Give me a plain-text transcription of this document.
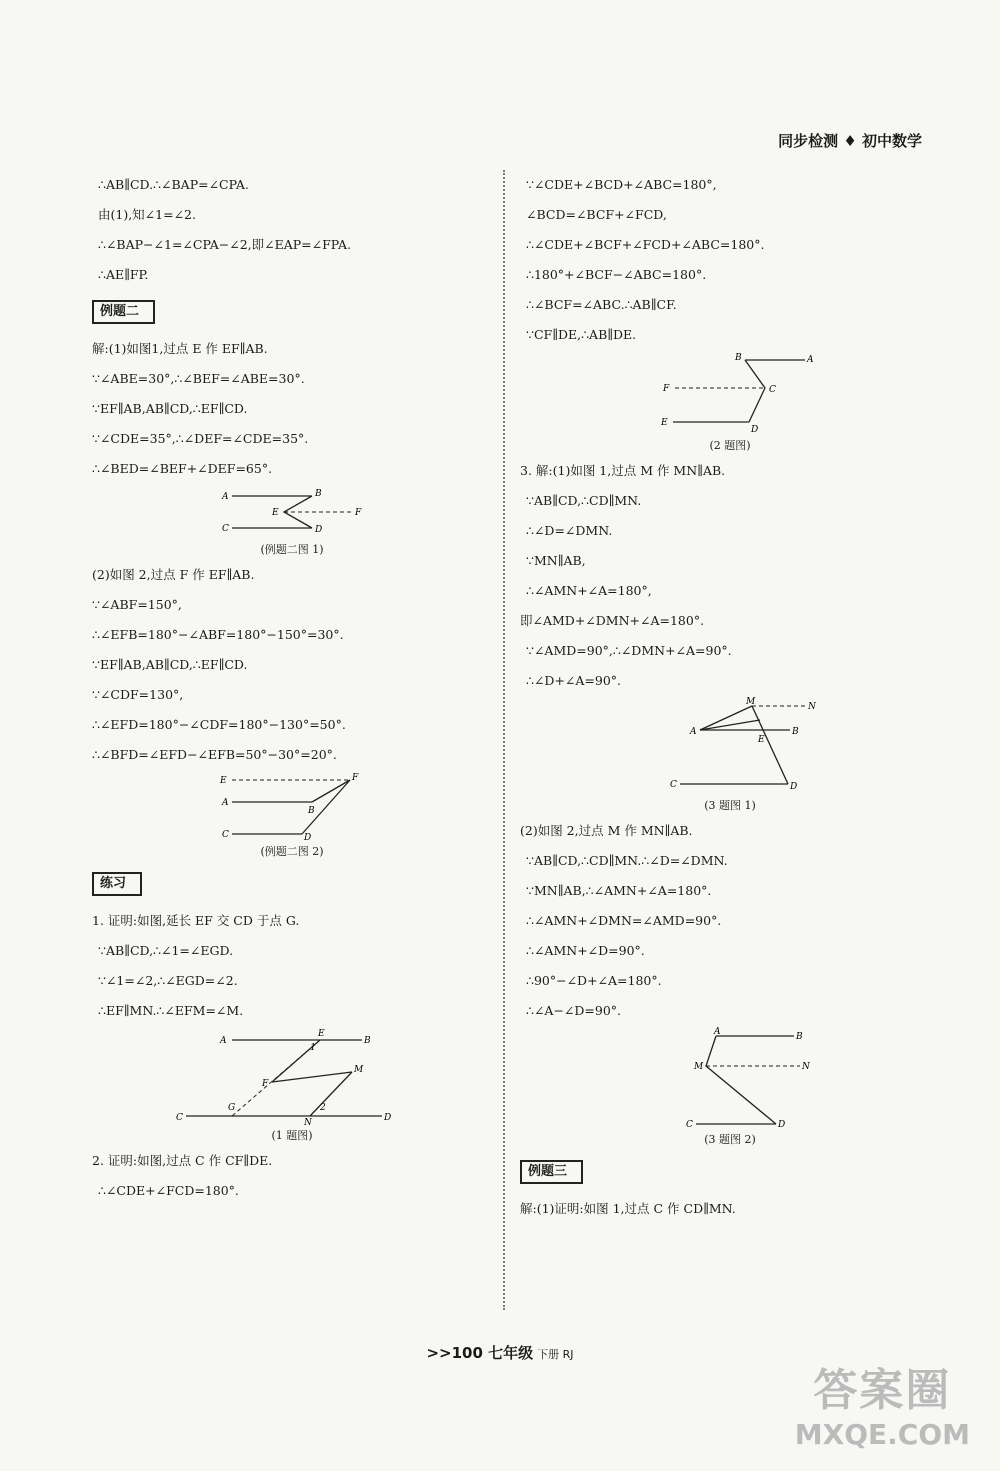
同步检测 ♦ 初中数学
∴AB∥CD.∴∠BAP=∠CPA.
由(1),知∠1=∠2.
∴∠BAP−∠1=∠CPA−∠2,即∠EAP=∠FPA.
∴AE∥FP.
例题二
解:(1)如图1,过点 E 作 EF∥AB.
∵∠ABE=30°,∴∠BEF=∠ABE=30°.
∵EF∥AB,AB∥CD,∴EF∥CD.
∵∠CDE=35°,∴∠DEF=∠CDE=35°.
∴∠BED=∠BEF+∠DEF=65°.
A	B
E	F
C	D
(例题二图 1)
(2)如图 2,过点 F 作 EF∥AB.
∵∠ABF=150°,
∴∠EFB=180°−∠ABF=180°−150°=30°.
∵EF∥AB,AB∥CD,∴EF∥CD.
∵∠CDF=130°,
∴∠EFD=180°−∠CDF=180°−130°=50°.
∴∠BFD=∠EFD−∠EFB=50°−30°=20°.
E	F
A
B
C	D
(例题二图 2)
练习
1. 证明:如图,延长 EF 交 CD 于点 G.
∵AB∥CD,∴∠1=∠EGD.
∵∠1=∠2,∴∠EGD=∠2.
∴EF∥MN.∴∠EFM=∠M.
A
E
B
1
F
M
G	2
C	N	D
(1 题图)
2. 证明:如图,过点 C 作 CF∥DE.
∴∠CDE+∠FCD=180°.
∵∠CDE+∠BCD+∠ABC=180°,
∠BCD=∠BCF+∠FCD,
∴∠CDE+∠BCF+∠FCD+∠ABC=180°.
∴180°+∠BCF−∠ABC=180°.
∴∠BCF=∠ABC.∴AB∥CF.
∵CF∥DE,∴AB∥DE.
B	A
F	C
E
D
(2 题图)
3. 解:(1)如图 1,过点 M 作 MN∥AB.
∵AB∥CD,∴CD∥MN.
∴∠D=∠DMN.
∵MN∥AB,
∴∠AMN+∠A=180°,
即∠AMD+∠DMN+∠A=180°.
∵∠AMD=90°,∴∠DMN+∠A=90°.
∴∠D+∠A=90°.
M	N
A	B
E
C	D
(3 题图 1)
(2)如图 2,过点 M 作 MN∥AB.
∵AB∥CD,∴CD∥MN.∴∠D=∠DMN.
∵MN∥AB,∴∠AMN+∠A=180°.
∴∠AMN+∠DMN=∠AMD=90°.
∴∠AMN+∠D=90°.
∴90°−∠D+∠A=180°.
∴∠A−∠D=90°.
A	B
M	N
C	D
(3 题图 2)
例题三
解:(1)证明:如图 1,过点 C 作 CD∥MN.
>>100 七年级 下册 RJ
答案圈
MXQE.COM
